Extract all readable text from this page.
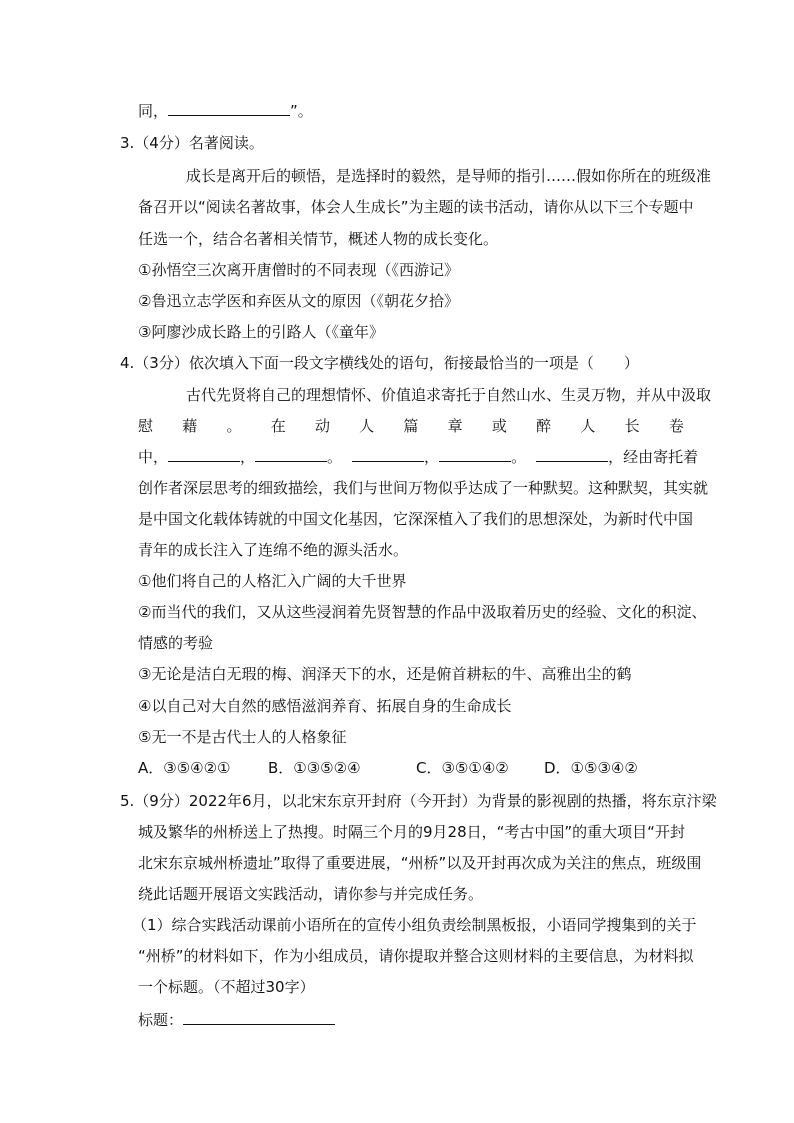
同，	”。
3.（4分）名著阅读。
成长是离开后的顿悟，是选择时的毅然，是导师的指引……假如你所在的班级准
备召开以“阅读名著故事，体会人生成长”为主题的读书活动，请你从以下三个专题中
任选一个，结合名著相关情节，概述人物的成长变化。
①孙悟空三次离开唐僧时的不同表现（《西游记》
②鲁迅立志学医和弃医从文的原因（《朝花夕拾》
③阿廖沙成长路上的引路人（《童年》
4.（3分）依次填入下面一段文字横线处的语句，衔接最恰当的一项是（　　）
古代先贤将自己的理想情怀、价值追求寄托于自然山水、生灵万物，并从中汲取
慰 藉 。 在 动 人 篇 章 或 醉 人 长 卷
中，	，	。	，	。	，经由寄托着
创作者深层思考的细致描绘，我们与世间万物似乎达成了一种默契。这种默契，其实就
是中国文化载体铸就的中国文化基因，它深深植入了我们的思想深处，为新时代中国
青年的成长注入了连绵不绝的源头活水。
①他们将自己的人格汇入广阔的大千世界
②而当代的我们，又从这些浸润着先贤智慧的作品中汲取着历史的经验、文化的积淀、
情感的考验
③无论是洁白无瑕的梅、润泽天下的水，还是俯首耕耘的牛、高雅出尘的鹤
④以自己对大自然的感悟滋润养育、拓展自身的生命成长
⑤无一不是古代士人的人格象征
A．③⑤④②①	B．①③⑤②④	C．③⑤①④② D．①⑤③④②
5.（9分）2022年6月，以北宋东京开封府（今开封）为背景的影视剧的热播，将东京汴梁
城及繁华的州桥送上了热搜。时隔三个月的9月28日，“考古中国”的重大项目“开封
北宋东京城州桥遗址”取得了重要进展，“州桥”以及开封再次成为关注的焦点，班级围
绕此话题开展语文实践活动，请你参与并完成任务。
（1）综合实践活动课前小语所在的宣传小组负责绘制黑板报，小语同学搜集到的关于
“州桥”的材料如下，作为小组成员，请你提取并整合这则材料的主要信息，为材料拟
一个标题。（不超过30字）
标题：
